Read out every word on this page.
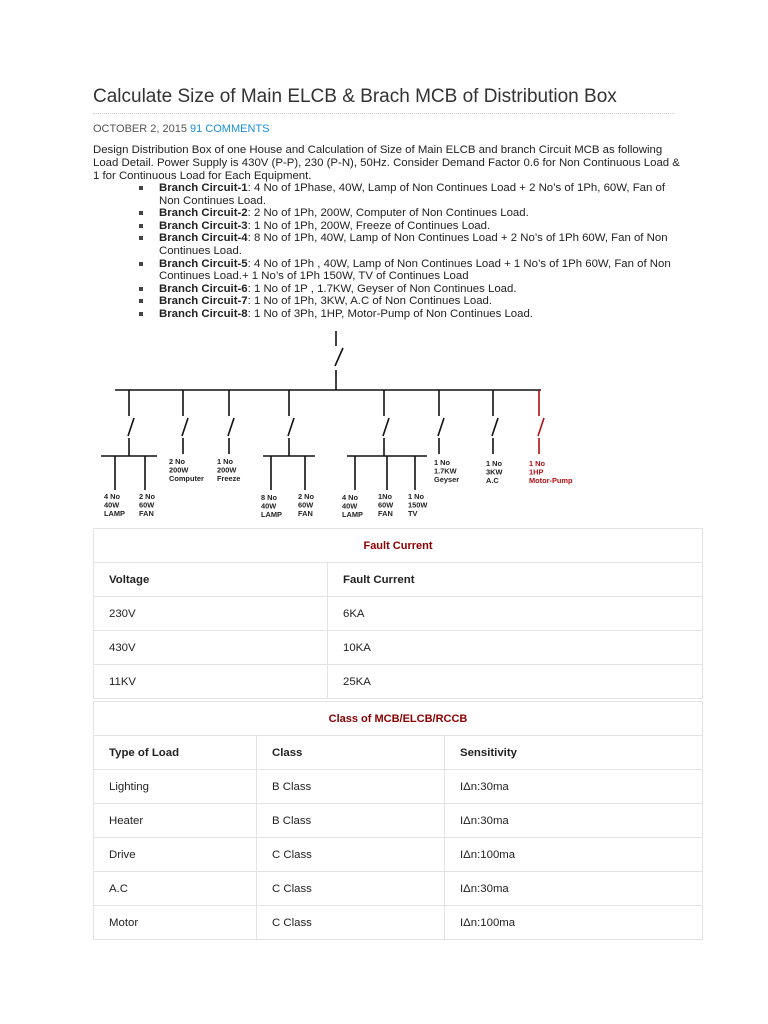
Calculate Size of Main ELCB & Brach MCB of Distribution Box
OCTOBER 2, 2015 91 COMMENTS

Design Distribution Box of one House and Calculation of Size of Main ELCB and branch Circuit MCB as following Load Detail. Power Supply is 430V (P-P), 230 (P-N), 50Hz. Consider Demand Factor 0.6 for Non Continuous Load & 1 for Continuous Load for Each Equipment.

Branch Circuit-1: 4 No of 1Phase, 40W, Lamp of Non Continues Load + 2 No’s of 1Ph, 60W, Fan of Non Continues Load.
Branch Circuit-2: 2 No of 1Ph, 200W, Computer of Non Continues Load.
Branch Circuit-3: 1 No of 1Ph, 200W, Freeze of Continues Load.
Branch Circuit-4: 8 No of 1Ph, 40W, Lamp of Non Continues Load + 2 No’s of 1Ph 60W, Fan of Non Continues Load.
Branch Circuit-5: 4 No of 1Ph , 40W, Lamp of Non Continues Load + 1 No’s of 1Ph 60W, Fan of Non Continues Load.+ 1 No’s of 1Ph 150W, TV of Continues Load
Branch Circuit-6: 1 No of 1P , 1.7KW, Geyser of Non Continues Load.
Branch Circuit-7: 1 No of 1Ph, 3KW, A.C of Non Continues Load.
Branch Circuit-8: 1 No of 3Ph, 1HP, Motor-Pump of Non Continues Load.
4 No 40W LAMP
2 No 60W FAN
2 No 200W Computer
1 No 200W Freeze
8 No 40W LAMP
2 No 60W FAN
4 No 40W LAMP
1No 60W FAN
1 No 150W TV
1 No 1.7KW Geyser
1 No 3KW A.C
1 No 1HP Motor-Pump
Fault Current	
Voltage	Fault Current
230V	6KA
430V	10KA
11KV	25KA
Class of MCB/ELCB/RCCB		
Type of Load	Class	Sensitivity
Lighting	B Class	IΔn:30ma
Heater	B Class	IΔn:30ma
Drive	C Class	IΔn:100ma
A.C	C Class	IΔn:30ma
Motor	C Class	IΔn:100ma
